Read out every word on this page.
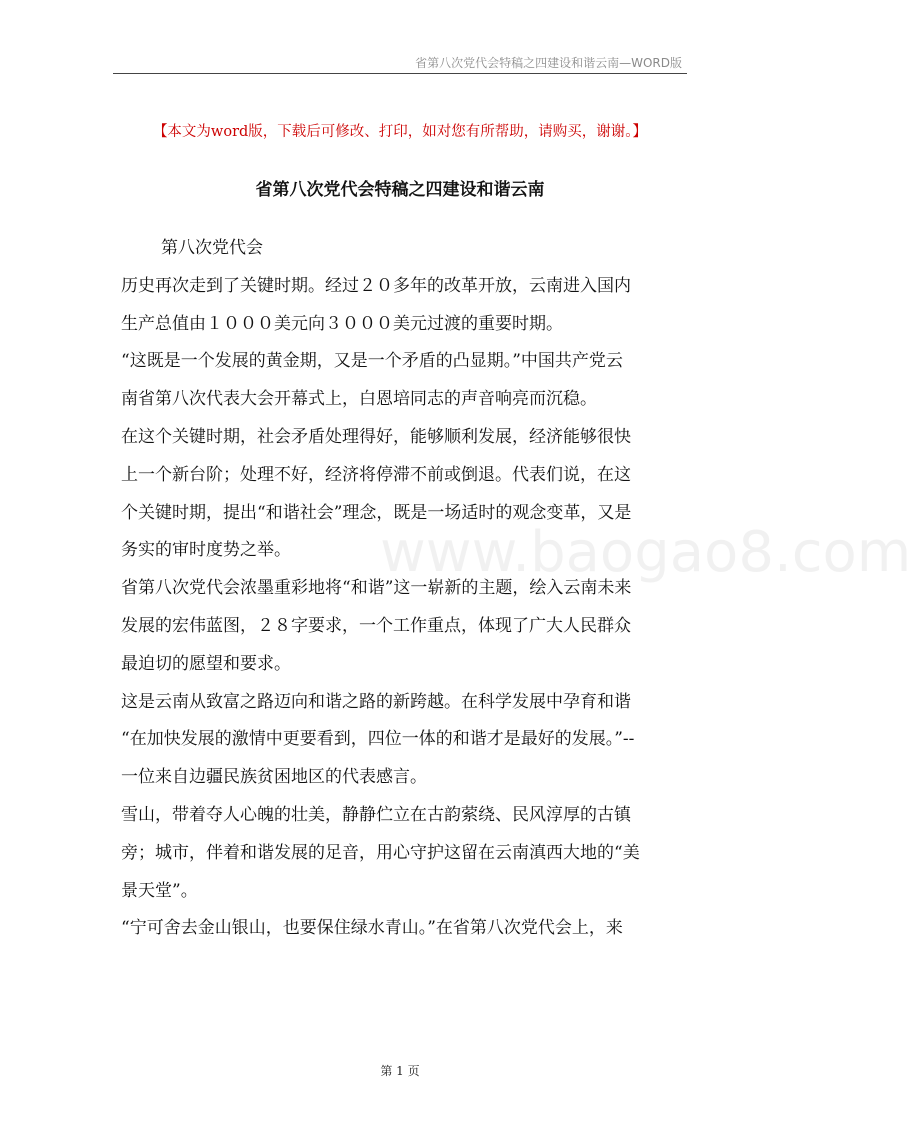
省第八次党代会特稿之四建设和谐云南—WORD版
【本文为word版，下载后可修改、打印，如对您有所帮助，请购买，谢谢。】
省第八次党代会特稿之四建设和谐云南
www.baogao8.com
第八次党代会
历史再次走到了关键时期。经过２０多年的改革开放，云南进入国内
生产总值由１０００美元向３０００美元过渡的重要时期。
“这既是一个发展的黄金期，又是一个矛盾的凸显期。”中国共产党云
南省第八次代表大会开幕式上，白恩培同志的声音响亮而沉稳。
在这个关键时期，社会矛盾处理得好，能够顺利发展，经济能够很快
上一个新台阶；处理不好，经济将停滞不前或倒退。代表们说，在这
个关键时期，提出“和谐社会”理念，既是一场适时的观念变革，又是
务实的审时度势之举。
省第八次党代会浓墨重彩地将“和谐”这一崭新的主题，绘入云南未来
发展的宏伟蓝图，２８字要求，一个工作重点，体现了广大人民群众
最迫切的愿望和要求。
这是云南从致富之路迈向和谐之路的新跨越。在科学发展中孕育和谐
“在加快发展的激情中更要看到，四位一体的和谐才是最好的发展。”--
一位来自边疆民族贫困地区的代表感言。
雪山，带着夺人心魄的壮美，静静伫立在古韵萦绕、民风淳厚的古镇
旁；城市，伴着和谐发展的足音，用心守护这留在云南滇西大地的“美
景天堂”。
“宁可舍去金山银山，也要保住绿水青山。”在省第八次党代会上，来
第 1 页
